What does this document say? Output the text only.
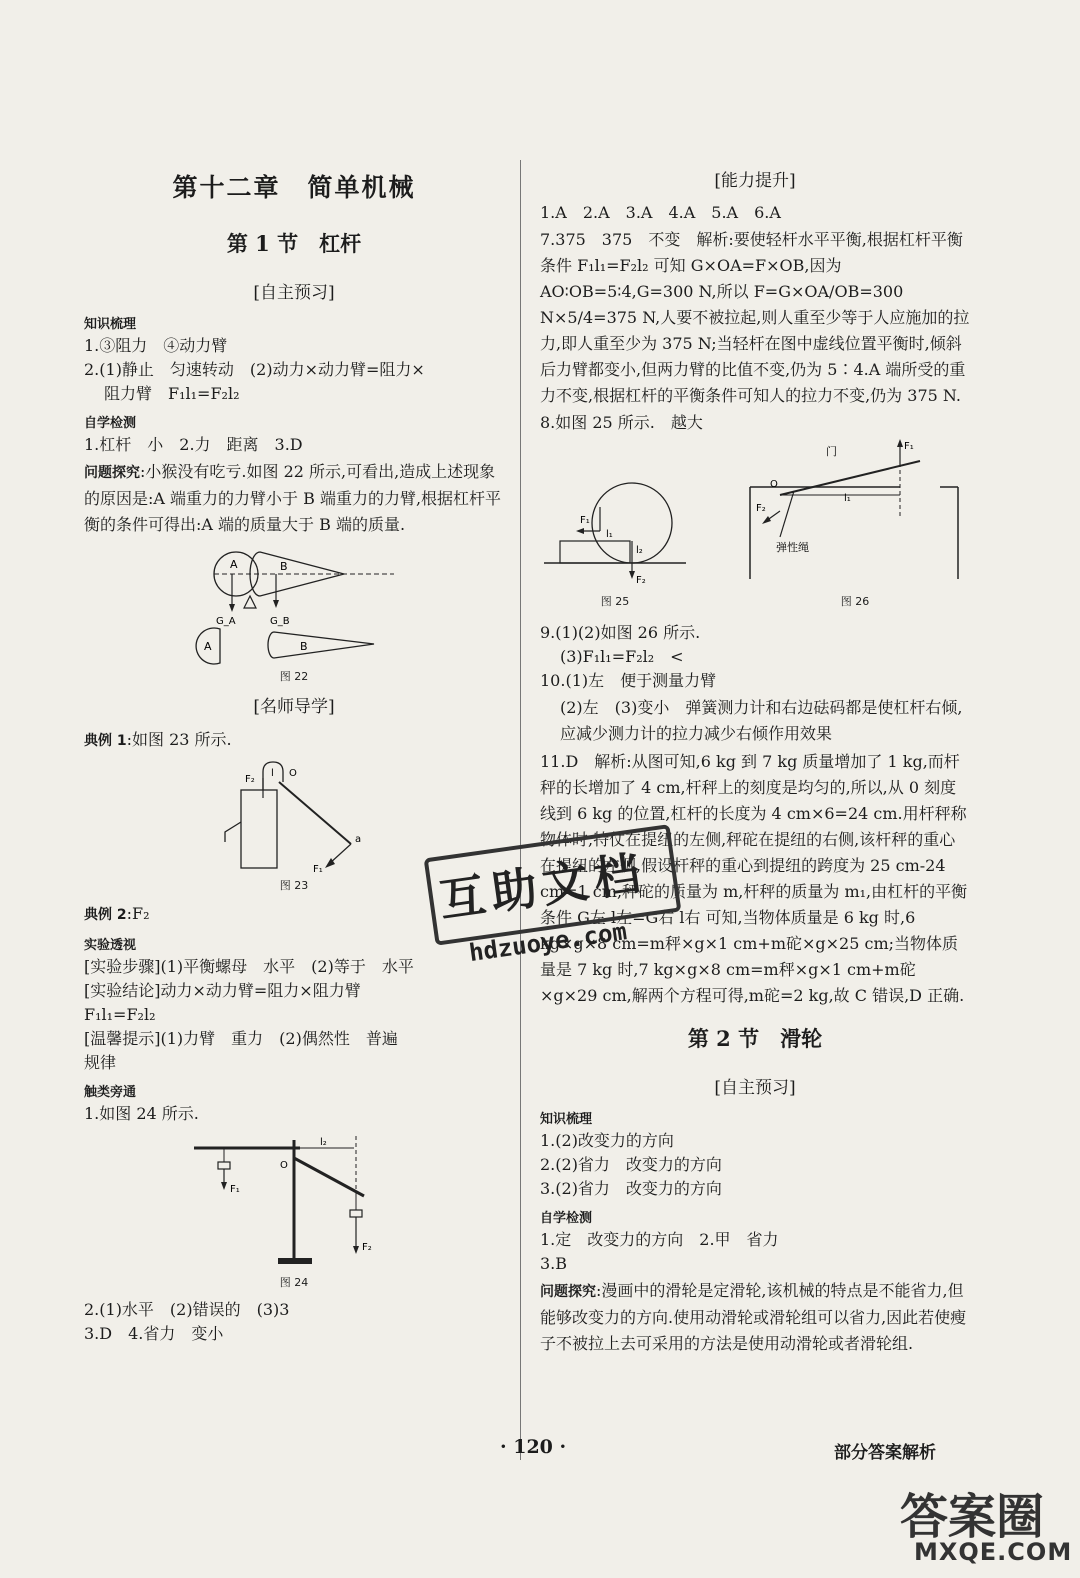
第十二章　简单机械
第 1 节　杠杆
[自主预习]
知识梳理

1.③阻力　④动力臂

2.(1)静止　匀速转动　(2)动力×动力臂=阻力×

阻力臂　F₁l₁=F₂l₂

自学检测

1.杠杆　小　2.力　距离　3.D

问题探究:小猴没有吃亏.如图 22 所示,可看出,造成上述现象的原因是:A 端重力的力臂小于 B 端重力的力臂,根据杠杆平衡的条件可得出:A 端的质量大于 B 端的质量.

A	B
G_A	G_B
A	B
图 22
[名师导学]

典例 1:如图 23 所示.

F₂
l O
a
F₁
图 23

典例 2:F₂

实验透视

[实验步骤](1)平衡螺母　水平　(2)等于　水平

[实验结论]动力×动力臂=阻力×阻力臂

F₁l₁=F₂l₂

[温馨提示](1)力臂　重力　(2)偶然性　普遍

规律

触类旁通

1.如图 24 所示.

F₁
F₂
l₂
O
图 24

2.(1)水平　(2)错误的　(3)3

3.D　4.省力　变小

[能力提升]

1.A　2.A　3.A　4.A　5.A　6.A

7.375　375　不变　解析:要使轻杆水平平衡,根据杠杆平衡条件 F₁l₁=F₂l₂ 可知 G×OA=F×OB,因为 AO∶OB=5∶4,G=300 N,所以 F=G×OA/OB=300 N×5/4=375 N,人要不被拉起,则人重至少等于人应施加的拉力,即人重至少为 375 N;当轻杆在图中虚线位置平衡时,倾斜后力臂都变小,但两力臂的比值不变,仍为 5∶4.A 端所受的重力不变,根据杠杆的平衡条件可知人的拉力不变,仍为 375 N.

8.如图 25 所示.　越大

F₁
l₁
F₂
l₂
图 25
F₁
门
l₁
O
F₂
弹性绳
图 26

9.(1)(2)如图 26 所示.

(3)F₁l₁=F₂l₂　<

10.(1)左　便于测量力臂

(2)左　(3)变小　弹簧测力计和右边砝码都是使杠杆右倾,应减少测力计的拉力减少右倾作用效果

11.D　解析:从图可知,6 kg 到 7 kg 质量增加了 1 kg,而杆秤的长增加了 4 cm,杆秤上的刻度是均匀的,所以,从 0 刻度线到 6 kg 的位置,杠杆的长度为 4 cm×6=24 cm.用杆秤称物体时,特仗在提纽的左侧,秤砣在提纽的右侧,该杆秤的重心在提纽的左侧,假设杆秤的重心到提纽的跨度为 25 cm-24 cm=1 cm,秤砣的质量为 m,杆秤的质量为 m₁,由杠杆的平衡条件 G左 l左=G右 l右 可知,当物体质量是 6 kg 时,6 kg×g×8 cm=m秤×g×1 cm+m砣×g×25 cm;当物体质量是 7 kg 时,7 kg×g×8 cm=m秤×g×1 cm+m砣×g×29 cm,解两个方程可得,m砣=2 kg,故 C 错误,D 正确.

第 2 节　滑轮
[自主预习]
知识梳理

1.(2)改变力的方向

2.(2)省力　改变力的方向

3.(2)省力　改变力的方向

自学检测

1.定　改变力的方向　2.甲　省力

3.B

问题探究:漫画中的滑轮是定滑轮,该机械的特点是不能省力,但能够改变力的方向.使用动滑轮或滑轮组可以省力,因此若使瘦子不被拉上去可采用的方法是使用动滑轮或者滑轮组.

· 120 ·	部分答案解析
互助文档
hdzuoye.com
答案圈
MXQE.COM
